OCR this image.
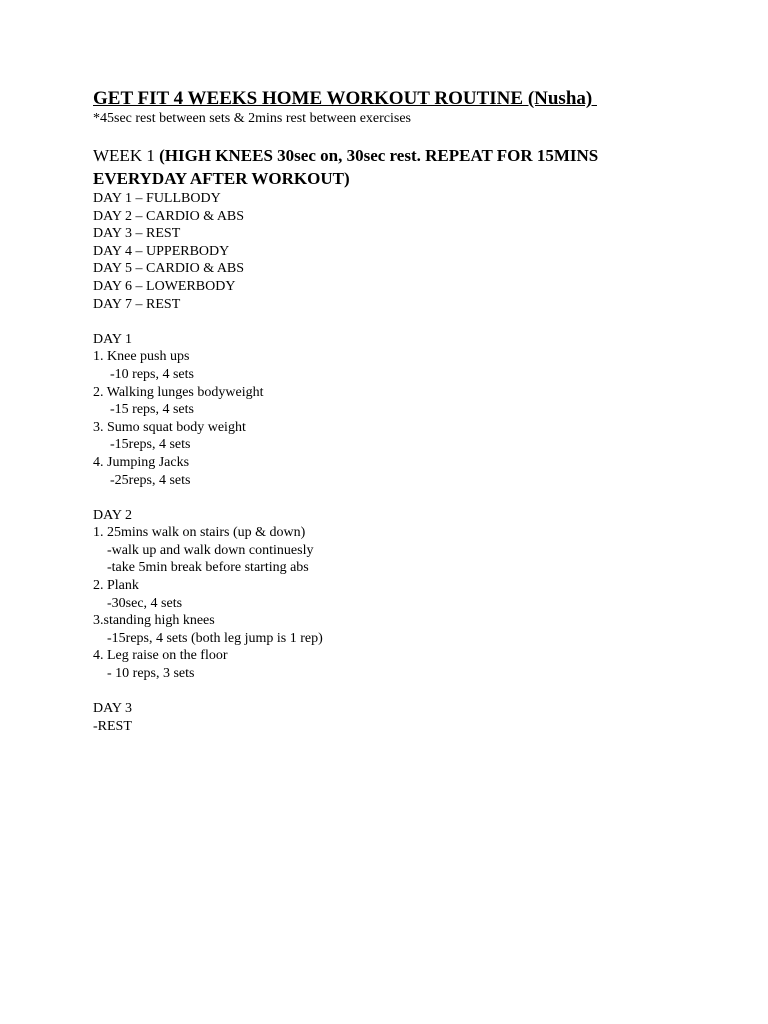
GET FIT 4 WEEKS HOME WORKOUT ROUTINE (Nusha)

*45sec rest between sets & 2mins rest between exercises

WEEK 1 (HIGH KNEES 30sec on, 30sec rest. REPEAT FOR 15MINS EVERYDAY AFTER WORKOUT)

DAY 1 – FULLBODY

DAY 2 – CARDIO & ABS

DAY 3 – REST

DAY 4 – UPPERBODY

DAY 5 – CARDIO & ABS

DAY 6 – LOWERBODY

DAY 7 – REST

DAY 1

1. Knee push ups

-10 reps, 4 sets

2. Walking lunges bodyweight

-15 reps, 4 sets

3. Sumo squat body weight

-15reps, 4 sets

4. Jumping Jacks

-25reps, 4 sets

DAY 2

1. 25mins walk on stairs (up & down)

-walk up and walk down continuesly

-take 5min break before starting abs

2. Plank

-30sec, 4 sets

3.standing high knees

-15reps, 4 sets (both leg jump is 1 rep)

4. Leg raise on the floor

- 10 reps, 3 sets

DAY 3

-REST
